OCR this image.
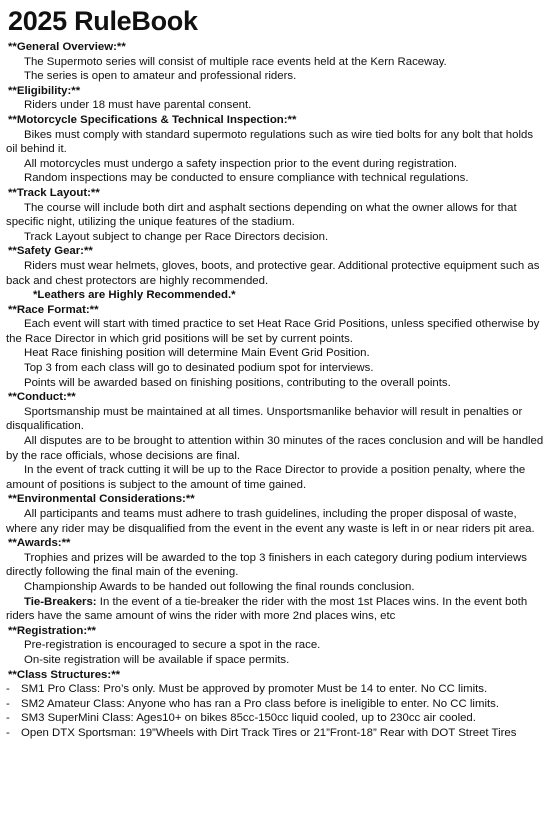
2025 RuleBook
**General Overview:**

The Supermoto series will consist of multiple race events held at the Kern Raceway.

The series is open to amateur and professional riders.

**Eligibility:**

Riders under 18 must have parental consent.

**Motorcycle Specifications & Technical Inspection:**

Bikes must comply with standard supermoto regulations such as wire tied bolts for any bolt that holds oil behind it.

All motorcycles must undergo a safety inspection prior to the event during registration.

Random inspections may be conducted to ensure compliance with technical regulations.

**Track Layout:**

The course will include both dirt and asphalt sections depending on what the owner allows for that specific night, utilizing the unique features of the stadium.

Track Layout subject to change per Race Directors decision.

**Safety Gear:**

Riders must wear helmets, gloves, boots, and protective gear. Additional protective equipment such as back and chest protectors are highly recommended.

*Leathers are Highly Recommended.*
**Race Format:**

Each event will start with timed practice to set Heat Race Grid Positions, unless specified otherwise by the Race Director in which grid positions will be set by current points.

Heat Race finishing position will determine Main Event Grid Position.

Top 3 from each class will go to desinated podium spot for interviews.

Points will be awarded based on finishing positions, contributing to the overall points.

**Conduct:**

Sportsmanship must be maintained at all times. Unsportsmanlike behavior will result in penalties or disqualification.

All disputes are to be brought to attention within 30 minutes of the races conclusion and will be handled by the race officials, whose decisions are final.

In the event of track cutting it will be up to the Race Director to provide a position penalty, where the amount of positions is subject to the amount of time gained.

**Environmental Considerations:**

All participants and teams must adhere to trash guidelines, including the proper disposal of waste, where any rider may be disqualified from the event in the event any waste is left in or near riders pit area.

**Awards:**

Trophies and prizes will be awarded to the top 3 finishers in each category during podium interviews directly following the final main of the evening.

Championship Awards to be handed out following the final rounds conclusion.

Tie-Breakers: In the event of a tie-breaker the rider with the most 1st Places wins. In the event both riders have the same amount of wins the rider with more 2nd places wins, etc

**Registration:**

Pre-registration is encouraged to secure a spot in the race.

On-site registration will be available if space permits.

**Class Structures:**
- SM1 Pro Class: Pro’s only. Must be approved by promoter Must be 14 to enter. No CC limits.
- SM2 Amateur Class: Anyone who has ran a Pro class before is ineligible to enter. No CC limits.
- SM3 SuperMini Class: Ages10+ on bikes 85cc-150cc liquid cooled, up to 230cc air cooled.
- Open DTX Sportsman: 19”Wheels with Dirt Track Tires or 21”Front-18” Rear with DOT Street Tires
